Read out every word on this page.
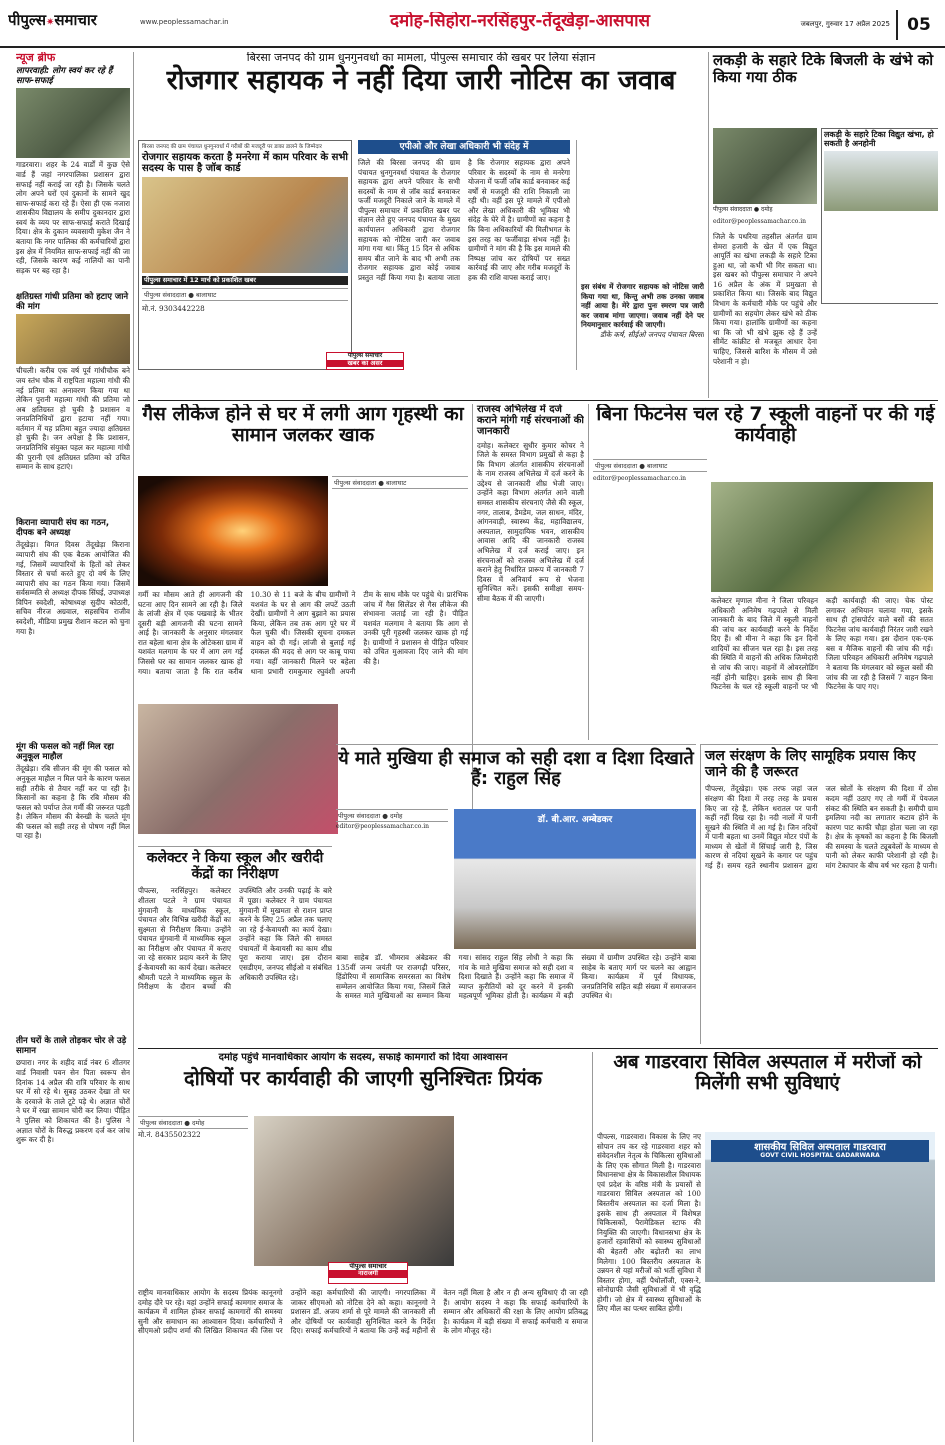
पीपुल्स✷समाचार	www.peoplessamachar.in	दमोह-सिहोरा-नरसिंहपुर-तेंदूखेड़ा-आसपास	जबलपुर, गुरुवार 17 अप्रैल 2025	05
न्यूज ब्रीफ
लापरवाही: लोग स्वयं कर रहे हैं साफ-सफाई
गाडरवारा। शहर के 24 वार्डों में कुछ ऐसे वार्ड हैं जहां नगरपालिका प्रशासन द्वारा सफाई नहीं कराई जा रही है। जिसके चलते लोग अपने घरों एवं दुकानों के सामने खुद साफ-सफाई करा रहे हैं। ऐसा ही एक नजारा शासकीय विद्यालय के समीप दुकानदार द्वारा स्वयं के व्यय पर साफ-सफाई कराते दिखाई दिया। क्षेत्र के दुकान व्यवसायी मुकेश जैन ने बताया कि नगर पालिका की कर्मचारियों द्वारा इस क्षेत्र में नियमित साफ-सफाई नहीं की जा रही, जिसके कारण कई नालियों का पानी सड़क पर बह रहा है।
क्षतिग्रस्त गांधी प्रतिमा को हटाए जाने की मांग
चीचली। करीब एक वर्ष पूर्व गांधीचौक बने जय स्तंभ चौक में राष्ट्रपिता महात्मा गांधी की नई प्रतिमा का अनावरण किया गया था लेकिन पुरानी महात्मा गांधी की प्रतिमा जो अब क्षतिग्रस्त हो चुकी है प्रशासन व जनप्रतिनिधियों द्वारा हटाया नहीं गया। वर्तमान में यह प्रतिमा बहुत ज्यादा क्षतिग्रस्त हो चुकी है। जन अपेक्षा है कि प्रशासन, जनप्रतिनिधि संयुक्त पहल कर महात्मा गांधी की पुरानी एवं क्षतिग्रस्त प्रतिमा को उचित सम्मान के साथ हटाएं।
किराना व्यापारी संघ का गठन, दीपक बने अध्यक्ष
तेंदूखेड़ा। विगत दिवस तेंदूखेड़ा किराना व्यापारी संघ की एक बैठक आयोजित की गई, जिसमें व्यापारियों के हितों को लेकर विस्तार से चर्चा करते हुए दो वर्ष के लिए व्यापारी संघ का गठन किया गया। जिसमें सर्वसम्मति से अध्यक्ष दीपक सिंघई, उपाध्यक्ष विपिन स्वदेशी, कोषाध्यक्ष सुदीप कोठारी, सचिव नीरज अग्रवाल, सहसचिव राजीव स्वदेशी, मीडिया प्रमुख रीशान कटल को चुना गया है।
मूंग की फसल को नहीं मिल रहा अनुकूल माहौल
तेंदूखेड़ा। रबि सीजन की मूंग की फसल को अनुकूल माहौल न मिल पाने के कारण फसल सही तरीके से तैयार नहीं कर पा रही है। किसानों का कहना है कि रबि मौसम की फसल को पर्याप्त तेज गर्मी की जरूरत पड़ती है। लेकिन मौसम की बेरुखी के चलते मूंग की फसल को सही तरह से पोषण नहीं मिल पा रहा है।
तीन घरों के ताले तोड़कर चोर ले उड़े सामान
छपारा। नगर के शहीद वार्ड नंबर 6 शीतगर वार्ड निवासी पवन सेन पिता स्वरूप सेन दिनांक 14 अप्रैल की रात्रि परिवार के साथ घर में सो रहे थे। सुबह उठकर देखा तो घर के दरवाजे के ताले टूटे पड़े थे। अज्ञात चोरों ने घर में रखा सामान चोरी कर लिया। पीड़ित ने पुलिस को शिकायत की है। पुलिस ने अज्ञात चोरों के विरुद्ध प्रकरण दर्ज कर जांच शुरू कर दी है।
बिरसा जनपद की ग्राम धुनगुनवर्धा का मामला, पीपुल्स समाचार की खबर पर लिया संज्ञान
रोजगार सहायक ने नहीं दिया जारी नोटिस का जवाब
बिरसा जनपद की ग्राम पंचायत धुनगुनवर्धा में गरीबों की मजदूरी पर डाका डालने के जिम्मेदार
रोजगार सहायक करता है मनरेगा में काम परिवार के सभी सदस्य के पास है जॉब कार्ड
पीपुल्स समाचार में 12 मार्च को प्रकाशित खबर
पीपुल्स संवाददाता ● बालाघाट
मो.नं. 9303442228
एपीओ और लेखा अधिकारी भी संदेह में
जिले की बिरसा जनपद की ग्राम पंचायत धुनगुनवर्धा पंचायत के रोजगार सहायक द्वारा अपने परिवार के सभी सदस्यों के नाम से जॉब कार्ड बनवाकर फर्जी मजदूरी निकाले जाने के मामले में पीपुल्स समाचार में प्रकाशित खबर पर संज्ञान लेते हुए जनपद पंचायत के मुख्य कार्यपालन अधिकारी द्वारा रोजगार सहायक को नोटिस जारी कर जवाब मांगा गया था। किंतु 15 दिन से अधिक समय बीत जाने के बाद भी अभी तक रोजगार सहायक द्वारा कोई जवाब प्रस्तुत नहीं किया गया है। बताया जाता है कि रोजगार सहायक द्वारा अपने परिवार के सदस्यों के नाम से मनरेगा योजना में फर्जी जॉब कार्ड बनवाकर कई वर्षों से मजदूरी की राशि निकाली जा रही थी। वहीं इस पूरे मामले में एपीओ और लेखा अधिकारी की भूमिका भी संदेह के घेरे में है। ग्रामीणों का कहना है कि बिना अधिकारियों की मिलीभगत के इस तरह का फर्जीवाड़ा संभव नहीं है। ग्रामीणों ने मांग की है कि इस मामले की निष्पक्ष जांच कर दोषियों पर सख्त कार्रवाई की जाए और गरीब मजदूरों के हक की राशि वापस कराई जाए।
पीपुल्स समाचार
खबर का असर
इस संबंध में रोजगार सहायक को नोटिस जारी किया गया था, किन्तु अभी तक उनका जवाब नहीं आया है। मेरे द्वारा पुनः स्मरण पत्र जारी कर जवाब मांगा जाएगा। जवाब नहीं देने पर नियमानुसार कार्रवाई की जाएगी।
डीके कर्ष, सीईओ जनपद पंचायत बिरसा
लकड़ी के सहारे टिके बिजली के खंभे को किया गया ठीक
पीपुल्स संवाददाता ● दमोह
लकड़ी के सहारे टिका विद्युत खंभा, हो सकती है अनहोनी
editor@peoplessamachar.co.in
जिले के पथरिया तहसील अंतर्गत ग्राम सेमरा हजारी के खेत में एक विद्युत आपूर्ति का खंभा लकड़ी के सहारे टिका हुआ था, जो कभी भी गिर सकता था। इस खबर को पीपुल्स समाचार ने अपने 16 अप्रैल के अंक में प्रमुखता से प्रकाशित किया था। जिसके बाद विद्युत विभाग के कर्मचारी मौके पर पहुंचे और ग्रामीणों का सहयोग लेकर खंभे को ठीक किया गया। हालांकि ग्रामीणों का कहना था कि जो भी खंभे झुक रहे हैं उन्हें सीमेंट कांक्रीट से मजबूत आधार देना चाहिए, जिससे बारिश के मौसम में उसे परेशानी न हो।
गैस लीकेज होने से घर में लगी आग गृहस्थी का सामान जलकर खाक
पीपुल्स संवाददाता ● बालाघाट
गर्मी का मौसम आते ही आगजनी की घटना आए दिन सामने आ रही है। जिले के लांजी क्षेत्र में एक पखवाड़े के भीतर दूसरी बड़ी आगजनी की घटना सामने आई है। जानकारी के अनुसार मंगलवार रात बहेला थाना क्षेत्र के ओटेकसा ग्राम में यशवंत मलगाम के घर में आग लग गई जिससे घर का सामान जलकर खाक हो गया। बताया जाता है कि रात करीब 10.30 से 11 बजे के बीच ग्रामीणों ने यशवंत के घर से आग की लपटें उठती देखीं। ग्रामीणों ने आग बुझाने का प्रयास किया, लेकिन तब तक आग पूरे घर में फैल चुकी थी। जिसकी सूचना दमकल वाहन को दी गई। लांजी से बुलाई गई दमकल की मदद से आग पर काबू पाया गया। वहीं जानकारी मिलने पर बहेला थाना प्रभारी रामकुमार रघुवंशी अपनी टीम के साथ मौके पर पहुंचे थे। प्रारंभिक जांच में गैस सिलेंडर से गैस लीकेज की संभावना जताई जा रही है। पीड़ित यशवंत मलगाम ने बताया कि आग से उनकी पूरी गृहस्थी जलकर खाक हो गई है। ग्रामीणों ने प्रशासन से पीड़ित परिवार को उचित मुआवजा दिए जाने की मांग की है।
राजस्व अभिलेख में दर्ज कराने मांगी गई संरचनाओं की जानकारी
दमोह। कलेक्टर सुधीर कुमार कोचर ने जिले के समस्त विभाग प्रमुखों से कहा है कि विभाग अंतर्गत शासकीय संरचनाओं के नाम राजस्व अभिलेख में दर्ज करने के उद्देश्य से जानकारी शीघ्र भेजी जाए। उन्होंने कहा विभाग अंतर्गत आने वाली समस्त शासकीय संरचनाएं जैसे की स्कूल, नगर, तालाब, डैमडेम, जल साधन, मंदिर, आंगनवाड़ी, स्वास्थ्य केंद्र, महाविद्यालय, अस्पताल, सामुदायिक भवन, शासकीय आवास आदि की जानकारी राजस्व अभिलेख में दर्ज कराई जाए। इन संरचनाओं को राजस्व अभिलेख में दर्ज कराने हेतु निर्धारित प्रारूप में जानकारी 7 दिवस में अनिवार्य रूप से भेजना सुनिश्चित करें। इसकी समीक्षा समय-सीमा बैठक में की जाएगी।
बिना फिटनेस चल रहे 7 स्कूली वाहनों पर की गई कार्यवाही
पीपुल्स संवाददाता ● बालाघाट
editor@peoplessamachar.co.in
कलेक्टर मृणाल मीना ने जिला परिवहन अधिकारी अनिमेष गढ़पाले से मिली जानकारी के बाद जिले में स्कूली वाहनों की जांच कर कार्यवाही करने के निर्देश दिए हैं। श्री मीना ने कहा कि इन दिनों शादियों का सीजन चल रहा है। इस तरह की स्थिति में वाहनों की अधिक जिम्मेदारी से जांच की जाए। वाहनों में ओवरलोडिंग नहीं होनी चाहिए। इसके साथ ही बिना फिटनेस के चल रहे स्कूली वाहनों पर भी कड़ी कार्यवाही की जाए। चेक पोस्ट लगाकर अभियान चलाया गया, इसके साथ ही ट्रांसपोर्टर वाले बसों की सतत फिटनेस जांच कार्यवाही निरंतर जारी रखने के लिए कहा गया। इस दौरान एक-एक बस व मैजिक वाहनों की जांच की गई। जिला परिवहन अधिकारी अनिमेष गढ़पाले ने बताया कि मंगलवार को स्कूल बसों की जांच की जा रही है जिसमें 7 वाहन बिना फिटनेस के पाए गए।
ये माते मुखिया ही समाज को सही दशा व दिशा दिखाते हैं: राहुल सिंह
पीपुल्स संवाददाता ● दमोह
editor@peoplessamachar.co.in
डॉ. बी.आर. अम्बेडकर
बाबा साहेब डॉ. भीमराव अंबेडकर की 135वीं जन्म जयंती पर राजगढ़ी परिसर, हिंडोरिया में सामाजिक समरसता का विशेष सम्मेलन आयोजित किया गया, जिसमें जिले के समस्त माते मुखियाओं का सम्मान किया गया। सांसद राहुल सिंह लोधी ने कहा कि गांव के माते मुखिया समाज को सही दशा व दिशा दिखाते हैं। उन्होंने कहा कि समाज में व्याप्त कुरीतियों को दूर करने में इनकी महत्वपूर्ण भूमिका होती है। कार्यक्रम में बड़ी संख्या में ग्रामीण उपस्थित रहे। उन्होंने बाबा साहेब के बताए मार्ग पर चलने का आह्वान किया। कार्यक्रम में पूर्व विधायक, जनप्रतिनिधि सहित बड़ी संख्या में समाजजन उपस्थित थे।
जल संरक्षण के लिए सामूहिक प्रयास किए जाने की है जरूरत
पीपल्स, तेंदूखेड़ा। एक तरफ जहां जल संरक्षण की दिशा में तरह तरह के प्रयास किए जा रहे हैं, लेकिन धरातल पर पानी कहीं नहीं दिख रहा है। नदी नालों में पानी सूखने की स्थिति में आ गई है। जिन नदियों में पानी बहता था उनमें विद्युत मोटर पंपों के माध्यम से खेतों में सिंचाई जारी है, जिस कारण से नदियां सूखने के कगार पर पहुंच गई हैं। समय रहते स्थानीय प्रशासन द्वारा जल स्रोतों के संरक्षण की दिशा में ठोस कदम नहीं उठाए गए तो गर्मी में पेयजल संकट की स्थिति बन सकती है। समीपी ग्राम इमलिया नदी का लगातार कटाव होने के कारण पाट काफी चौड़ा होता चला जा रहा है। क्षेत्र के कृषकों का कहना है कि बिजली की समस्या के चलते ट्यूबवेलों के माध्यम से पानी को लेकर काफी परेशानी हो रही है। मांग टेकापार के बीच वर्ष भर रहता है पानी।
कलेक्टर ने किया स्कूल और खरीदी केंद्रों का निरीक्षण
पीपल्स, नरसिंहपुर। कलेक्टर शीतला पटले ने ग्राम पंचायत मुंगवानी के माध्यमिक स्कूल, पंचायत और विभिन्न खरीदी केंद्रों का सुक्ष्मता से निरीक्षण किया। उन्होंने पंचायत मुंगवानी में माध्यमिक स्कूल का निरीक्षण और पंचायत में कराए जा रहे सरकार प्रदाय करने के लिए ई-केवायसी का कार्य देखा। कलेक्टर श्रीमती पटले ने माध्यमिक स्कूल के निरीक्षण के दौरान बच्चों की उपस्थिति और उनकी पढ़ाई के बारे में पूछा। कलेक्टर ने ग्राम पंचायत मुंगवानी में मुखमता से राशन प्राप्त करने के लिए 25 अप्रैल तक चलाए जा रहे ई-केवायसी का कार्य देखा। उन्होंने कहा कि जिले की समस्त पंचायतों में केवायसी का काम शीघ्र पूरा कराया जाए। इस दौरान एसडीएम, जनपद सीईओ व संबंधित अधिकारी उपस्थित रहे।
दमोह पहुंचे मानवाधिकार आयोग के सदस्य, सफाई कामगारों को दिया आश्वासन
दोषियों पर कार्यवाही की जाएगी सुनिश्चितः प्रियंक
पीपुल्स संवाददाता ● दमोह
मो.नं. 8435502322
पीपुल्स समाचार
नाराजगी
राष्ट्रीय मानवाधिकार आयोग के सदस्य प्रियंक कानूनगो दमोह दौरे पर रहे। यहां उन्होंने सफाई कामगार समाज के कार्यक्रम में शामिल होकर सफाई कामगारों की समस्या सुनी और समाधान का आश्वासन दिया। कर्मचारियों ने सीएमओ प्रदीप शर्मा की लिखित शिकायत की जिस पर उन्होंने कहा कर्मचारियों की जाएगी। नगरपालिका में जाकर सीएमओ को नोटिस देने को कहा। कानूनगो ने प्रशासन डॉ. अजय शर्मा से पूरे मामले की जानकारी ली और दोषियों पर कार्यवाही सुनिश्चित करने के निर्देश दिए। सफाई कर्मचारियों ने बताया कि उन्हें कई महीनों से वेतन नहीं मिला है और न ही अन्य सुविधाएं दी जा रही हैं। आयोग सदस्य ने कहा कि सफाई कर्मचारियों के सम्मान और अधिकारों की रक्षा के लिए आयोग प्रतिबद्ध है। कार्यक्रम में बड़ी संख्या में सफाई कर्मचारी व समाज के लोग मौजूद रहे।
अब गाडरवारा सिविल अस्पताल में मरीजों को मिलेंगी सभी सुविधाएं
शासकीय सिविल अस्पताल गाडरवारा
GOVT CIVIL HOSPITAL GADARWARA
पीपल्स, गाडरवारा। विकास के लिए नए सोपान तय कर रहे गाडरवारा शहर को संवेदनशील नेतृत्व के चिकित्सा सुविधाओं के लिए एक सौगात मिली है। गाडरवारा विधानसभा क्षेत्र के विकासशील विधायक एवं प्रदेश के वरिष्ठ मंत्री के प्रयासों से गाडरवारा सिविल अस्पताल को 100 बिस्तरीय अस्पताल का दर्जा मिला है। इसके साथ ही अस्पताल में विशेषज्ञ चिकित्सकों, पैरामेडिकल स्टाफ की नियुक्ति की जाएगी। विधानसभा क्षेत्र के हजारों रहवासियों को स्वास्थ्य सुविधाओं की बेहतरी और बढ़ोतरी का लाभ मिलेगा। 100 बिस्तरीय अस्पताल के उन्नयन से यहां मरीजों को भर्ती सुविधा में विस्तार होगा, वहीं पैथोलॉजी, एक्स-रे, सोनोग्राफी जैसी सुविधाओं में भी वृद्धि होगी। जो क्षेत्र में स्वास्थ्य सुविधाओं के लिए मील का पत्थर साबित होगी।
